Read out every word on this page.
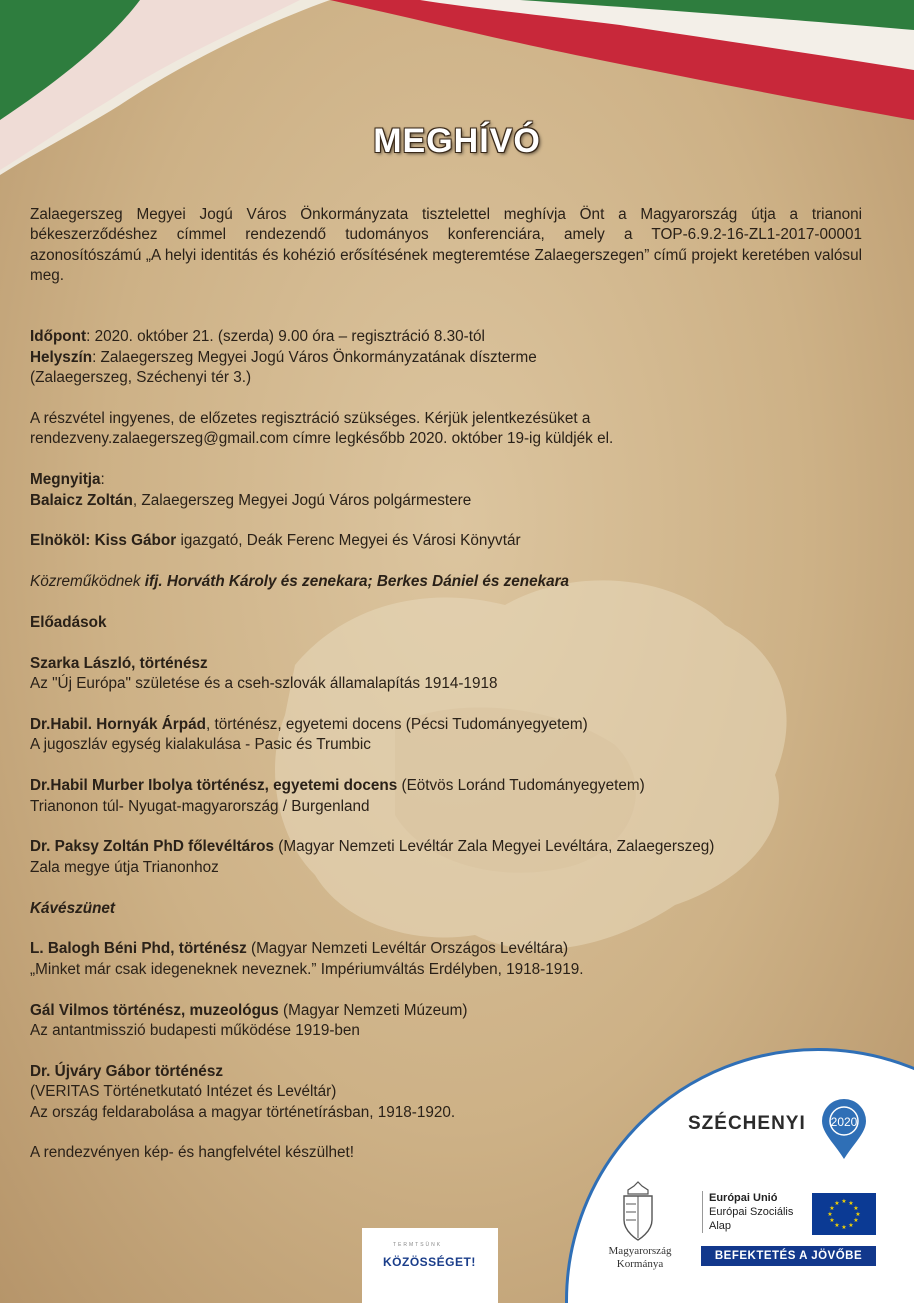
MEGHÍVÓ

Zalaegerszeg Megyei Jogú Város Önkormányzata tisztelettel meghívja Önt a Magyarország útja a trianoni békeszerződéshez címmel rendezendő tudományos konferenciára, amely a TOP-6.9.2-16-ZL1-2017-00001 azonosítószámú „A helyi identitás és kohézió erősítésének megteremtése Zalaegerszegen” című projekt keretében valósul meg.

Időpont: 2020. október 21. (szerda) 9.00 óra – regisztráció 8.30-tól

Helyszín: Zalaegerszeg Megyei Jogú Város Önkormányzatának díszterme

(Zalaegerszeg, Széchenyi tér 3.)

A részvétel ingyenes, de előzetes regisztráció szükséges. Kérjük jelentkezésüket a

rendezveny.zalaegerszeg@gmail.com címre legkésőbb 2020. október 19-ig küldjék el.

Megnyitja:

Balaicz Zoltán, Zalaegerszeg Megyei Jogú Város polgármestere

Elnököl: Kiss Gábor igazgató, Deák Ferenc Megyei és Városi Könyvtár

Közreműködnek ifj. Horváth Károly és zenekara; Berkes Dániel és zenekara

Előadások

Szarka László, történész

Az "Új Európa" születése és a cseh-szlovák államalapítás 1914-1918

Dr.Habil. Hornyák Árpád, történész, egyetemi docens (Pécsi Tudományegyetem)

A jugoszláv egység kialakulása - Pasic és Trumbic

Dr.Habil Murber Ibolya történész, egyetemi docens (Eötvös Loránd Tudományegyetem)

Trianonon túl- Nyugat-magyarország / Burgenland

Dr. Paksy Zoltán PhD főlevéltáros (Magyar Nemzeti Levéltár Zala Megyei Levéltára, Zalaegerszeg)

Zala megye útja Trianonhoz

Kávészünet

L. Balogh Béni Phd, történész (Magyar Nemzeti Levéltár Országos Levéltára)

„Minket már csak idegeneknek neveznek.” Impériumváltás Erdélyben, 1918-1919.

Gál Vilmos történész, muzeológus (Magyar Nemzeti Múzeum)

Az antantmisszió budapesti működése 1919-ben

Dr. Újváry Gábor történész

(VERITAS Történetkutató Intézet és Levéltár)

Az ország feldarabolása a magyar történetírásban, 1918-1920.

A rendezvényen kép- és hangfelvétel készülhet!

SZÉCHENYI 2020
Magyarország
Kormánya
Európai Unió
Európai Szociális
Alap
★ ★
★
★
★
★
★
★
★
★
★
★
BEFEKTETÉS A JÖVŐBE
TERMTSÜNK
KÖZÖSSÉGET!
